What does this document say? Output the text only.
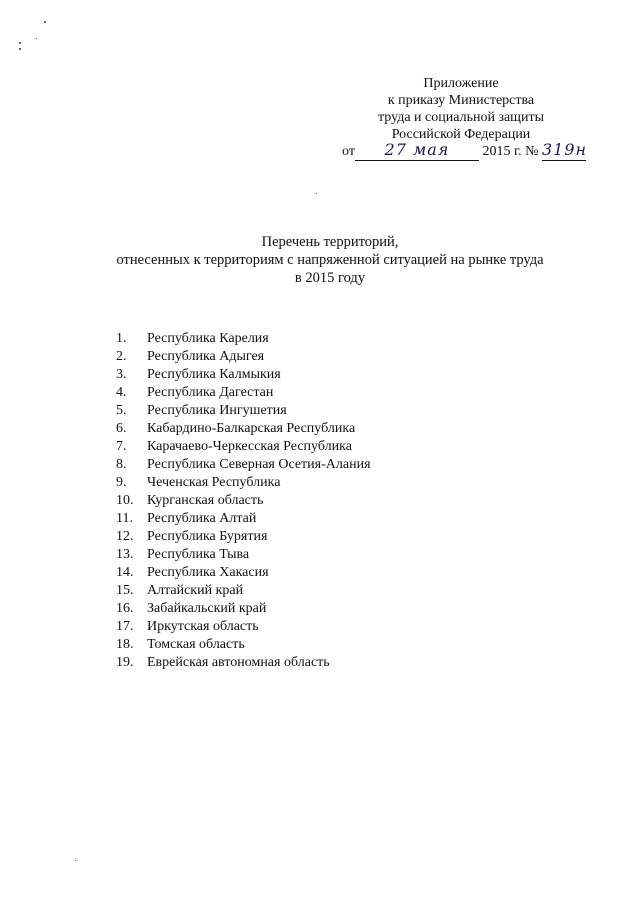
Приложение
к приказу Министерства
труда и социальной защиты
Российской Федерации
от 27 мая 2015 г. № 319н
Перечень территорий,
отнесенных к территориям с напряженной ситуацией на рынке труда
в 2015 году
1.	Республика Карелия
2.	Республика Адыгея
3.	Республика Калмыкия
4.	Республика Дагестан
5.	Республика Ингушетия
6.	Кабардино-Балкарская Республика
7.	Карачаево-Черкесская Республика
8.	Республика Северная Осетия-Алания
9.	Чеченская Республика
10. Курганская область
11.	Республика Алтай
12. Республика Бурятия
13. Республика Тыва
14. Республика Хакасия
15. Алтайский край
16. Забайкальский край
17. Иркутская область
18. Томская область
19. Еврейская автономная область
